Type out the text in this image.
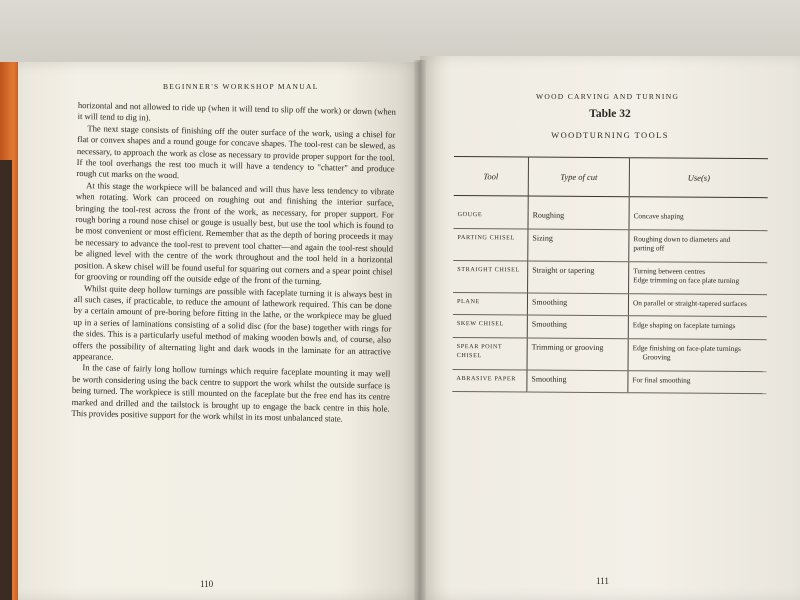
BEGINNER'S WORKSHOP MANUAL

horizontal and not allowed to ride up (when it will tend to slip off the work) or down (when it will tend to dig in).

The next stage consists of finishing off the outer surface of the work, using a chisel for flat or convex shapes and a round gouge for concave shapes. The tool-rest can be slewed, as necessary, to approach the work as close as necessary to provide proper support for the tool. If the tool overhangs the rest too much it will have a tendency to "chatter" and produce rough cut marks on the wood.

At this stage the workpiece will be balanced and will thus have less tendency to vibrate when rotating. Work can proceed on roughing out and finishing the interior surface, bringing the tool-rest across the front of the work, as necessary, for proper support. For rough boring a round nose chisel or gouge is usually best, but use the tool which is found to be most convenient or most efficient. Remember that as the depth of boring proceeds it may be necessary to advance the tool-rest to prevent tool chatter—and again the tool-rest should be aligned level with the centre of the work throughout and the tool held in a horizontal position. A skew chisel will be found useful for squaring out corners and a spear point chisel for grooving or rounding off the outside edge of the front of the turning.

Whilst quite deep hollow turnings are possible with faceplate turning it is always best in all such cases, if practicable, to reduce the amount of lathework required. This can be done by a certain amount of pre-boring before fitting in the lathe, or the workpiece may be glued up in a series of laminations consisting of a solid disc (for the base) together with rings for the sides. This is a particularly useful method of making wooden bowls and, of course, also offers the possibility of alternating light and dark woods in the laminate for an attractive appearance.

In the case of fairly long hollow turnings which require faceplate mounting it may well be worth considering using the back centre to support the work whilst the outside surface is being turned. The workpiece is still mounted on the faceplate but the free end has its centre marked and drilled and the tailstock is brought up to engage the back centre in this hole. This provides positive support for the work whilst in its most unbalanced state.

110
WOOD CARVING AND TURNING
Table 32
WOODTURNING TOOLS
Tool	Type of cut	Use(s)
GOUGE	Roughing	Concave shaping

PARTING CHISEL	Sizing	Roughing down to diameters and
parting off

STRAIGHT CHISEL	Straight or tapering	Turning between centres
Edge trimming on face plate turning

PLANE	Smoothing	On parallel or straight-tapered surfaces

SKEW CHISEL	Smoothing	Edge shaping on faceplate turnings

SPEAR POINT CHISEL	Trimming or grooving	Edge finishing on face-plate turnings
Grooving

ABRASIVE PAPER	Smoothing	For final smoothing
111
